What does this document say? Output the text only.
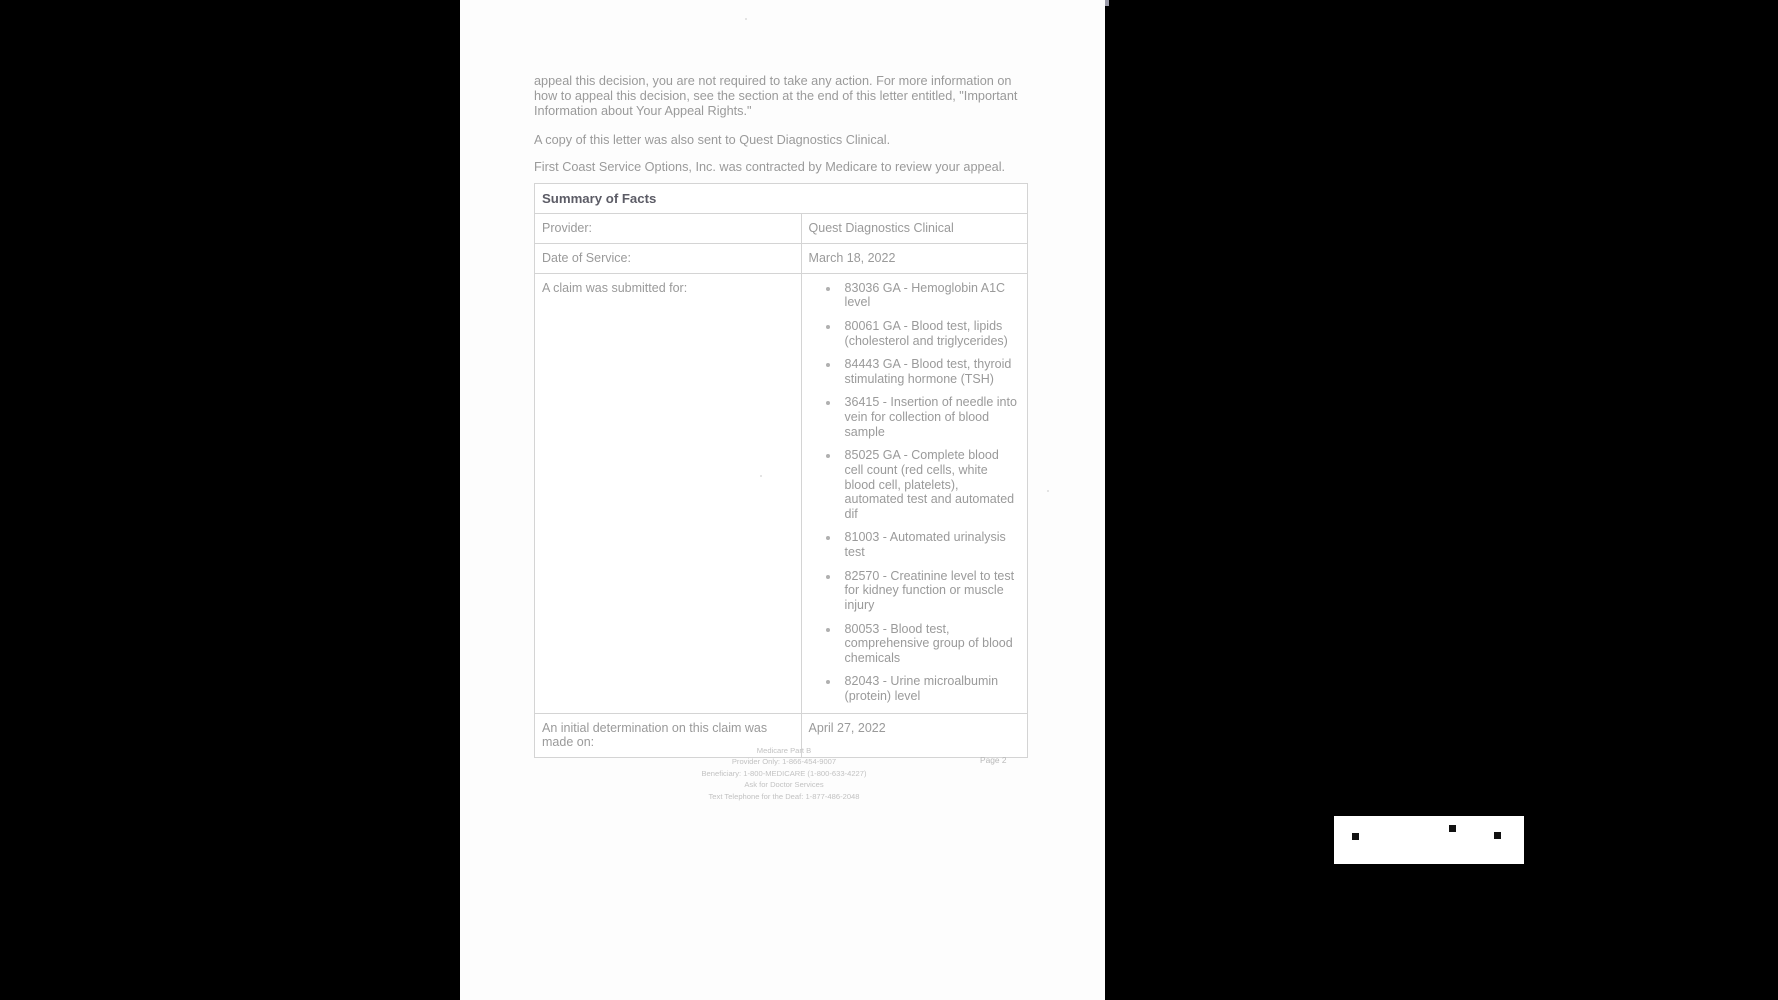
appeal this decision, you are not required to take any action. For more information on how to appeal this decision, see the section at the end of this letter entitled, "Important Information about Your Appeal Rights."
A copy of this letter was also sent to Quest Diagnostics Clinical.
First Coast Service Options, Inc. was contracted by Medicare to review your appeal.
Summary of Facts	
Provider:	Quest Diagnostics Clinical
Date of Service:	March 18, 2022
A claim was submitted for:	83036 GA - Hemoglobin A1C level
80061 GA - Blood test, lipids (cholesterol and triglycerides)
84443 GA - Blood test, thyroid stimulating hormone (TSH)
36415 - Insertion of needle into vein for collection of blood sample
85025 GA - Complete blood cell count (red cells, white blood cell, platelets), automated test and automated dif
81003 - Automated urinalysis test
82570 - Creatinine level to test for kidney function or muscle injury
80053 - Blood test, comprehensive group of blood chemicals
82043 - Urine microalbumin (protein) level

An initial determination on this claim was made on:	April 27, 2022
Medicare Part B
Provider Only: 1-866-454-9007
Beneficiary: 1-800-MEDICARE (1-800-633-4227)
Ask for Doctor Services
Text Telephone for the Deaf: 1-877-486-2048
Page 2
